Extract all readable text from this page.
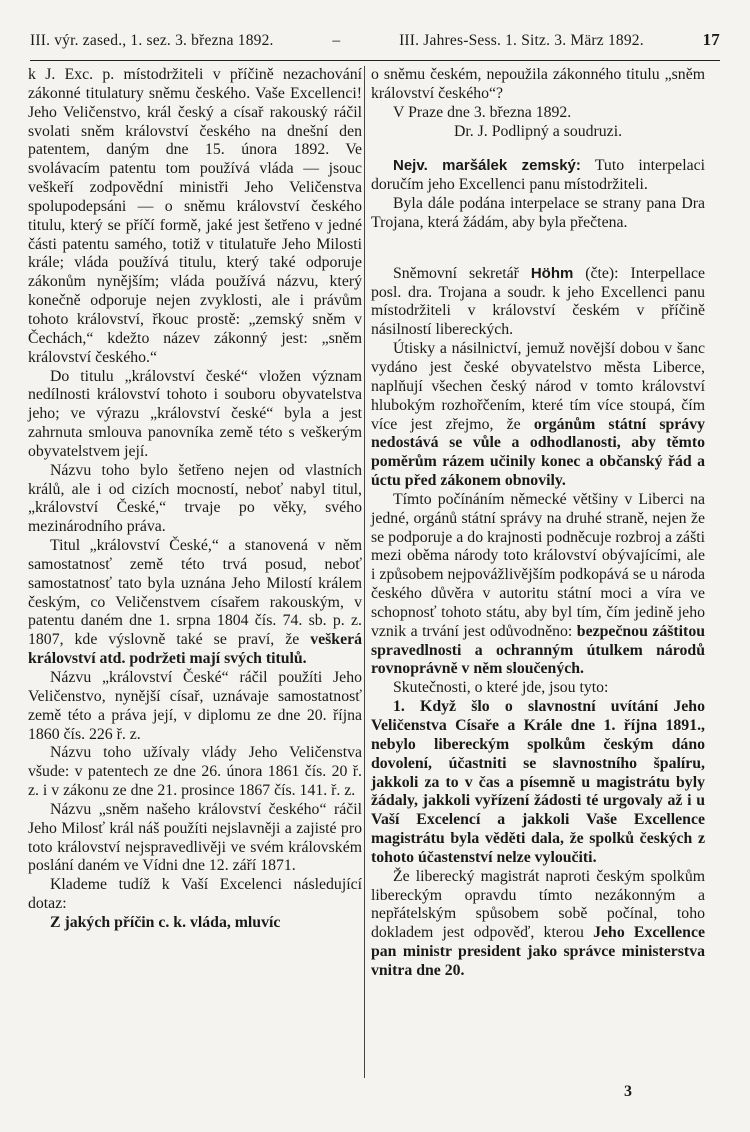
III. výr. zased., 1. sez. 3. března 1892.	–	III. Jahres-Sess. 1. Sitz. 3. März 1892.	17

k J. Exc. p. místodržiteli v příčině nezachování zákonné titulatury sněmu českého. Vaše Excellenci! Jeho Veličenstvo, král český a císař rakouský ráčil svolati sněm království českého na dnešní den patentem, daným dne 15. února 1892. Ve svolávacím patentu tom používá vláda — jsouc veškeří zodpovědní ministři Jeho Veličenstva spolupodepsáni — o sněmu království českého titulu, který se příčí formě, jaké jest šetřeno v jedné části patentu samého, totiž v titulatuře Jeho Milosti krále; vláda používá titulu, který také odporuje zákonům nynějším; vláda používá názvu, který konečně odporuje nejen zvyklosti, ale i právům tohoto království, řkouc prostě: „zemský sněm v Čechách,“ kdežto název zákonný jest: „sněm království českého.“

Do titulu „království české“ vložen význam nedílnosti království tohoto i souboru obyvatelstva jeho; ve výrazu „království české“ byla a jest zahrnuta smlouva panovníka země této s veškerým obyvatelstvem její.

Názvu toho bylo šetřeno nejen od vlastních králů, ale i od cizích mocností, neboť nabyl titul, „království České,“ trvaje po věky, svého mezinárodního práva.

Titul „království České,“ a stanovená v něm samostatnosť země této trvá posud, neboť samostatnosť tato byla uznána Jeho Milostí králem českým, co Veličenstvem císařem rakouským, v patentu daném dne 1. srpna 1804 čís. 74. sb. p. z. 1807, kde výslovně také se praví, že veškerá království atd. podržeti mají svých titulů.

Názvu „království České“ ráčil použíti Jeho Veličenstvo, nynější císař, uznávaje samostatnosť země této a práva její, v diplomu ze dne 20. října 1860 čís. 226 ř. z.

Názvu toho užívaly vlády Jeho Veličenstva všude: v patentech ze dne 26. února 1861 čís. 20 ř. z. i v zákonu ze dne 21. prosince 1867 čís. 141. ř. z.

Názvu „sněm našeho království českého“ ráčil Jeho Milosť král náš použíti nejslavněji a zajisté pro toto království nejspravedlivěji ve svém královském poslání daném ve Vídni dne 12. září 1871.

Klademe tudíž k Vaší Excelenci následující dotaz:

Z jakých příčin c. k. vláda, mluvíc

o sněmu českém, nepoužila zákonného titulu „sněm království českého“?

V Praze dne 3. března 1892.

Dr. J. Podlipný a soudruzi.

Nejv. maršálek zemský: Tuto interpelaci doručím jeho Excellenci panu místodržiteli.

Byla dále podána interpelace se strany pana Dra Trojana, která žádám, aby byla přečtena.

Sněmovní sekretář Höhm (čte): Interpellace posl. dra. Trojana a soudr. k jeho Excellenci panu místodržiteli v království českém v příčině násilností libereckých.

Útisky a násilnictví, jemuž novější dobou v šanc vydáno jest české obyvatelstvo města Liberce, naplňují všechen český národ v tomto království hlubokým rozhořčením, které tím více stoupá, čím více jest zřejmo, že orgánům státní správy nedostává se vůle a odhodlanosti, aby těmto poměrům rázem učinily konec a občanský řád a úctu před zákonem obnovily.

Tímto počínáním německé většiny v Liberci na jedné, orgánů státní správy na druhé straně, nejen že se podporuje a do krajnosti podněcuje rozbroj a zášti mezi oběma národy toto království obývajícími, ale i způsobem nejpovážlivějším podkopává se u národa českého důvěra v autoritu státní moci a víra ve schopnosť tohoto státu, aby byl tím, čím jedině jeho vznik a trvání jest odůvodněno: bezpečnou záštitou spravedlnosti a ochranným útulkem národů rovnoprávně v něm sloučených.

Skutečnosti, o které jde, jsou tyto:

1. Když šlo o slavnostní uvítání Jeho Veličenstva Císaře a Krále dne 1. října 1891., nebylo libereckým spolkům českým dáno dovolení, účastniti se slavnostního špalíru, jakkoli za to v čas a písemně u magistrátu byly žádaly, jakkoli vyřízení žádosti té urgovaly až i u Vaší Excelencí a jakkoli Vaše Excellence magistrátu byla věděti dala, že spolků českých z tohoto účastenství nelze vyloučiti.

Že liberecký magistrát naproti českým spolkům libereckým opravdu tímto nezákonným a nepřátelským spůsobem sobě počínal, toho dokladem jest odpověď, kterou Jeho Excellence pan ministr president jako správce ministerstva vnitra dne 20.

3
